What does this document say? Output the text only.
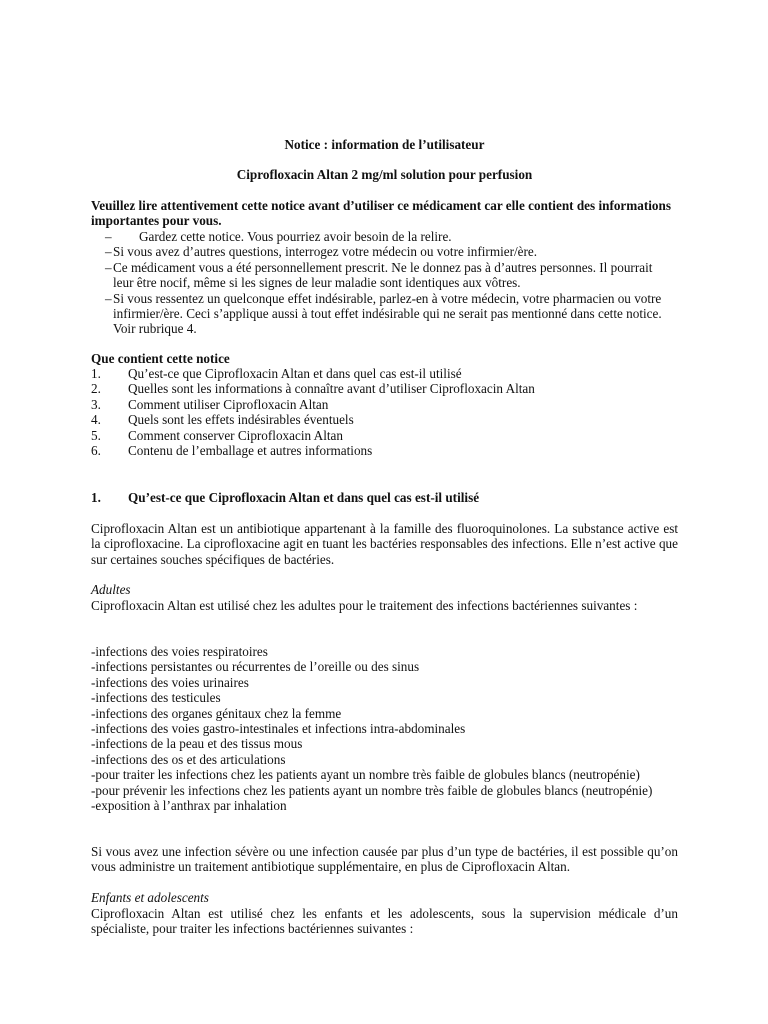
Notice : information de l’utilisateur
Ciprofloxacin Altan 2 mg/ml solution pour perfusion
Veuillez lire attentivement cette notice avant d’utiliser ce médicament car elle contient des informations importantes pour vous.
– Gardez cette notice. Vous pourriez avoir besoin de la relire.
– Si vous avez d’autres questions, interrogez votre médecin ou votre infirmier/ère.
– Ce médicament vous a été personnellement prescrit. Ne le donnez pas à d’autres personnes. Il pourrait leur être nocif, même si les signes de leur maladie sont identiques aux vôtres.
– Si vous ressentez un quelconque effet indésirable, parlez-en à votre médecin, votre pharmacien ou votre infirmier/ère. Ceci s’applique aussi à tout effet indésirable qui ne serait pas mentionné dans cette notice. Voir rubrique 4.
Que contient cette notice
1. Qu’est-ce que Ciprofloxacin Altan et dans quel cas est-il utilisé
2. Quelles sont les informations à connaître avant d’utiliser Ciprofloxacin Altan
3. Comment utiliser Ciprofloxacin Altan
4. Quels sont les effets indésirables éventuels
5. Comment conserver Ciprofloxacin Altan
6. Contenu de l’emballage et autres informations
1. Qu’est-ce que Ciprofloxacin Altan et dans quel cas est-il utilisé
Ciprofloxacin Altan est un antibiotique appartenant à la famille des fluoroquinolones. La substance active est la ciprofloxacine. La ciprofloxacine agit en tuant les bactéries responsables des infections. Elle n’est active que sur certaines souches spécifiques de bactéries.
Adultes
Ciprofloxacin Altan est utilisé chez les adultes pour le traitement des infections bactériennes suivantes :
-infections des voies respiratoires
-infections persistantes ou récurrentes de l’oreille ou des sinus
-infections des voies urinaires
-infections des testicules
-infections des organes génitaux chez la femme
-infections des voies gastro-intestinales et infections intra-abdominales
-infections de la peau et des tissus mous
-infections des os et des articulations
-pour traiter les infections chez les patients ayant un nombre très faible de globules blancs (neutropénie)
-pour prévenir les infections chez les patients ayant un nombre très faible de globules blancs (neutropénie)
-exposition à l’anthrax par inhalation
Si vous avez une infection sévère ou une infection causée par plus d’un type de bactéries, il est possible qu’on vous administre un traitement antibiotique supplémentaire, en plus de Ciprofloxacin Altan.
Enfants et adolescents
Ciprofloxacin Altan est utilisé chez les enfants et les adolescents, sous la supervision médicale d’un spécialiste, pour traiter les infections bactériennes suivantes :
